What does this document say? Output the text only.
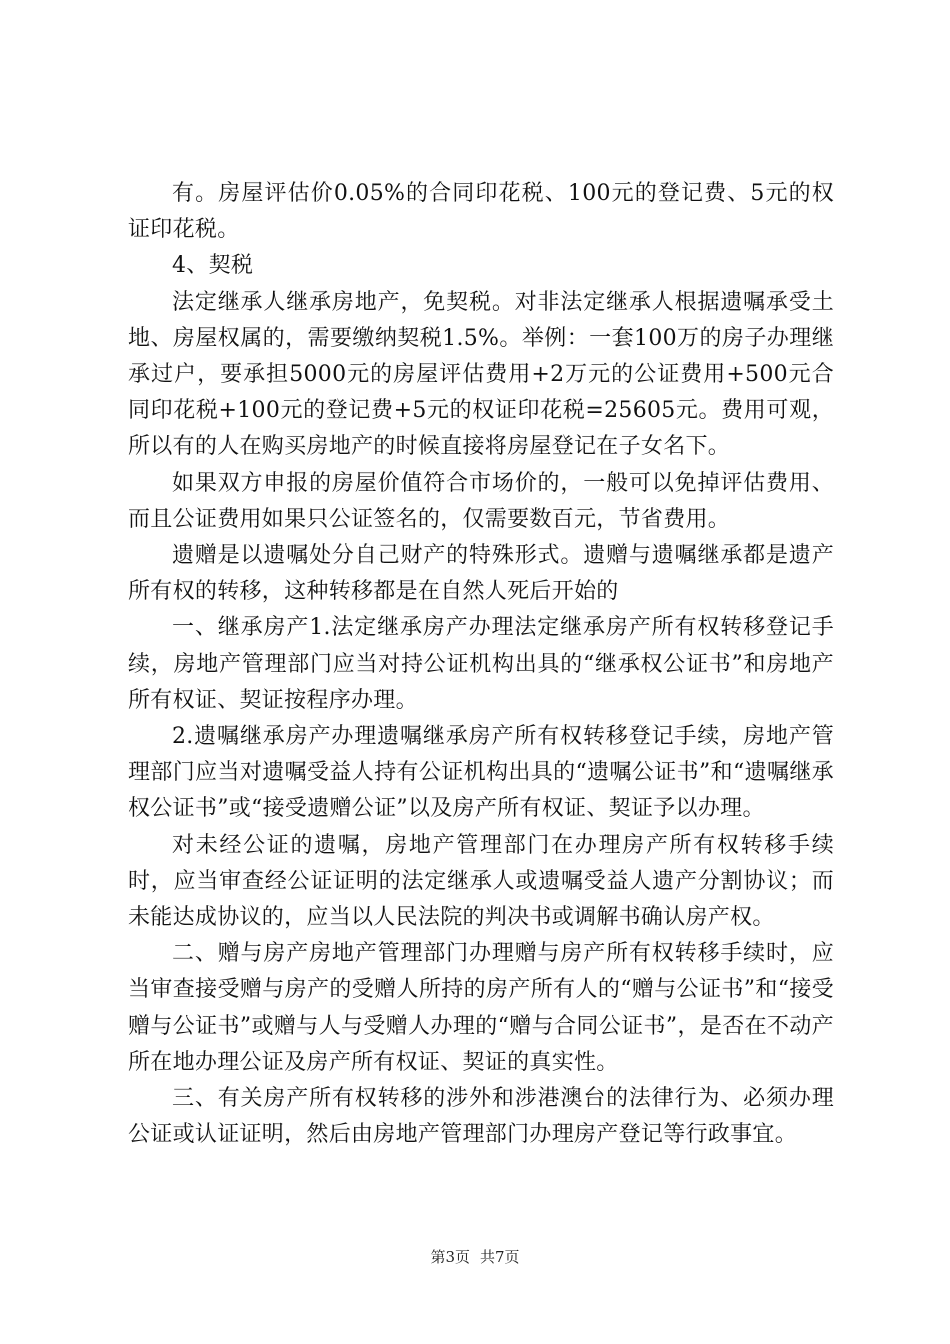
有。房屋评估价0.05%的合同印花税、100元的登记费、5元的权证印花税。

4、契税

法定继承人继承房地产，免契税。对非法定继承人根据遗嘱承受土地、房屋权属的，需要缴纳契税1.5%。举例：一套100万的房子办理继承过户，要承担5000元的房屋评估费用+2万元的公证费用+500元合同印花税+100元的登记费+5元的权证印花税=25605元。费用可观，所以有的人在购买房地产的时候直接将房屋登记在子女名下。

如果双方申报的房屋价值符合市场价的，一般可以免掉评估费用、而且公证费用如果只公证签名的，仅需要数百元，节省费用。

遗赠是以遗嘱处分自己财产的特殊形式。遗赠与遗嘱继承都是遗产所有权的转移，这种转移都是在自然人死后开始的

一、继承房产1.法定继承房产办理法定继承房产所有权转移登记手续，房地产管理部门应当对持公证机构出具的“继承权公证书”和房地产所有权证、契证按程序办理。

2.遗嘱继承房产办理遗嘱继承房产所有权转移登记手续，房地产管理部门应当对遗嘱受益人持有公证机构出具的“遗嘱公证书”和“遗嘱继承权公证书”或“接受遗赠公证”以及房产所有权证、契证予以办理。

对未经公证的遗嘱，房地产管理部门在办理房产所有权转移手续时，应当审查经公证证明的法定继承人或遗嘱受益人遗产分割协议；而未能达成协议的，应当以人民法院的判决书或调解书确认房产权。

二、赠与房产房地产管理部门办理赠与房产所有权转移手续时，应当审查接受赠与房产的受赠人所持的房产所有人的“赠与公证书”和“接受赠与公证书”或赠与人与受赠人办理的“赠与合同公证书”，是否在不动产所在地办理公证及房产所有权证、契证的真实性。

三、有关房产所有权转移的涉外和涉港澳台的法律行为、必须办理公证或认证证明，然后由房地产管理部门办理房产登记等行政事宜。

第3页 共7页
